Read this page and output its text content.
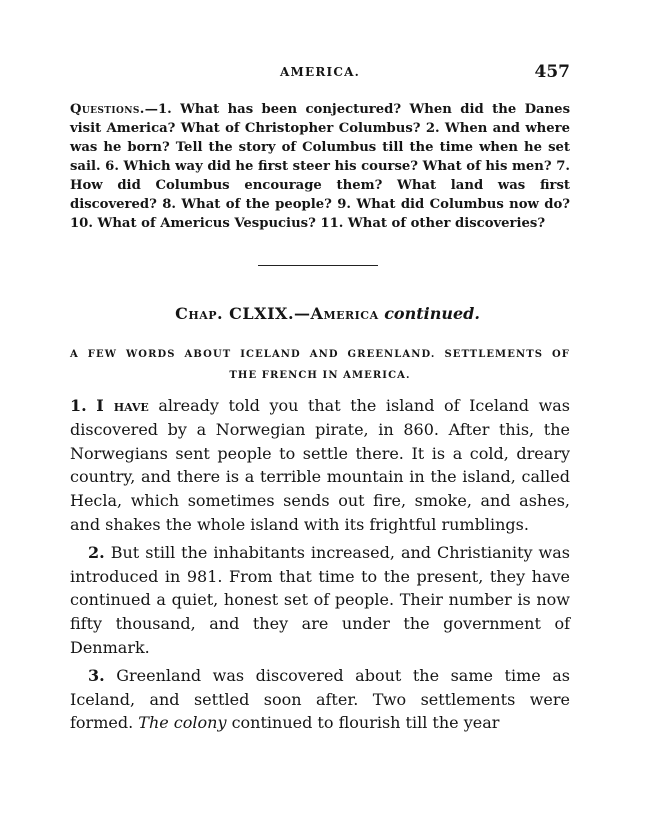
AMERICA.	457
Questions.—1. What has been conjectured? When did the Danes visit America? What of Christopher Columbus? 2. When and where was he born? Tell the story of Columbus till the time when he set sail. 6. Which way did he first steer his course? What of his men? 7. How did Columbus encourage them? What land was first discovered? 8. What of the people? 9. What did Columbus now do? 10. What of Americus Vespucius? 11. What of other discoveries?
Chap. CLXIX.—America continued.
A FEW WORDS ABOUT ICELAND AND GREENLAND. SETTLEMENTS OF
THE FRENCH IN AMERICA.

1. I have already told you that the island of Iceland was discovered by a Norwegian pirate, in 860. After this, the Norwegians sent people to settle there. It is a cold, dreary country, and there is a terrible mountain in the island, called Hecla, which sometimes sends out fire, smoke, and ashes, and shakes the whole island with its frightful rumblings.

2. But still the inhabitants increased, and Christianity was introduced in 981. From that time to the present, they have continued a quiet, honest set of people. Their number is now fifty thousand, and they are under the government of Denmark.

3. Greenland was discovered about the same time as Iceland, and settled soon after. Two settlements were formed. The colony continued to flourish till the year
